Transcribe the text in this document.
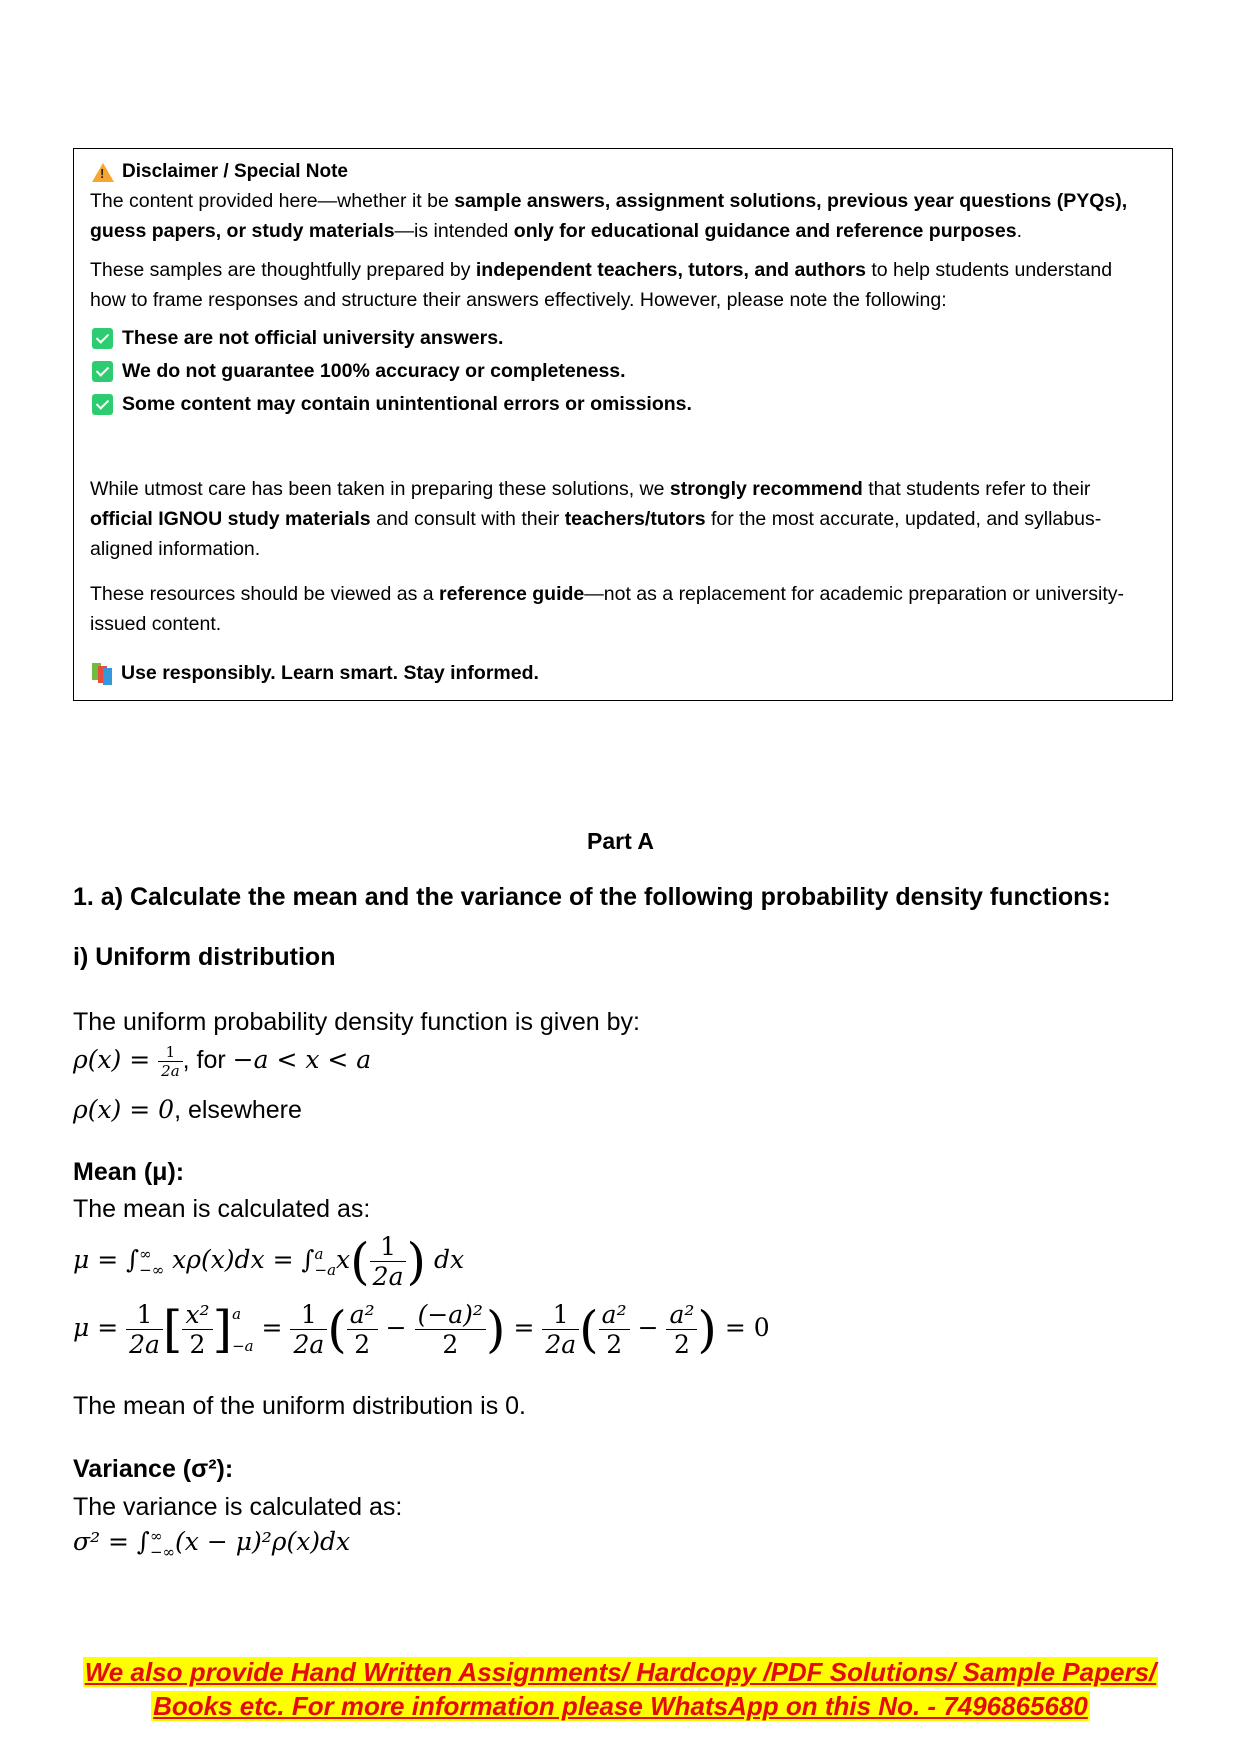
!
Disclaimer / Special Note
The content provided here—whether it be sample answers, assignment solutions, previous year questions (PYQs), guess papers, or study materials—is intended only for educational guidance and reference purposes.
These samples are thoughtfully prepared by independent teachers, tutors, and authors to help students understand how to frame responses and structure their answers effectively. However, please note the following:
These are not official university answers.
We do not guarantee 100% accuracy or completeness.
Some content may contain unintentional errors or omissions.
While utmost care has been taken in preparing these solutions, we strongly recommend that students refer to their official IGNOU study materials and consult with their teachers/tutors for the most accurate, updated, and syllabus-aligned information.
These resources should be viewed as a reference guide—not as a replacement for academic preparation or university-issued content.
Use responsibly. Learn smart. Stay informed.
Part A
1. a) Calculate the mean and the variance of the following probability density functions:
i) Uniform distribution
The uniform probability density function is given by:
$\rho(x) = \frac{1}{2a}$ , for −a < x < a
ρ(x) = 0, elsewhere
Mean (μ):
The mean is calculated as:
μ = ∫∞
−∞ xρ(x)dx = ∫a
$-ax( \frac{1}{2a}$ ) dx
$\mu = \frac{1}{2a}$ [ $\frac{\text{x²}}{2} ]a$

$-a = \frac{1}{2a}$ ( $\frac{\text{a²}}{2} - \frac{\text{(−a)²}}{2}$ ) = $\frac{1}{2a}$ ( $\frac{\text{a²}}{2} - \frac{\text{a²}}{2}$ ) = 0
The mean of the uniform distribution is 0.
Variance (σ²):
The variance is calculated as:
σ² = ∫∞
−∞(x − μ)²ρ(x)dx
We also provide Hand Written Assignments/ Hardcopy /PDF Solutions/ Sample Papers/
Books etc. For more information please WhatsApp on this No. - 7496865680
